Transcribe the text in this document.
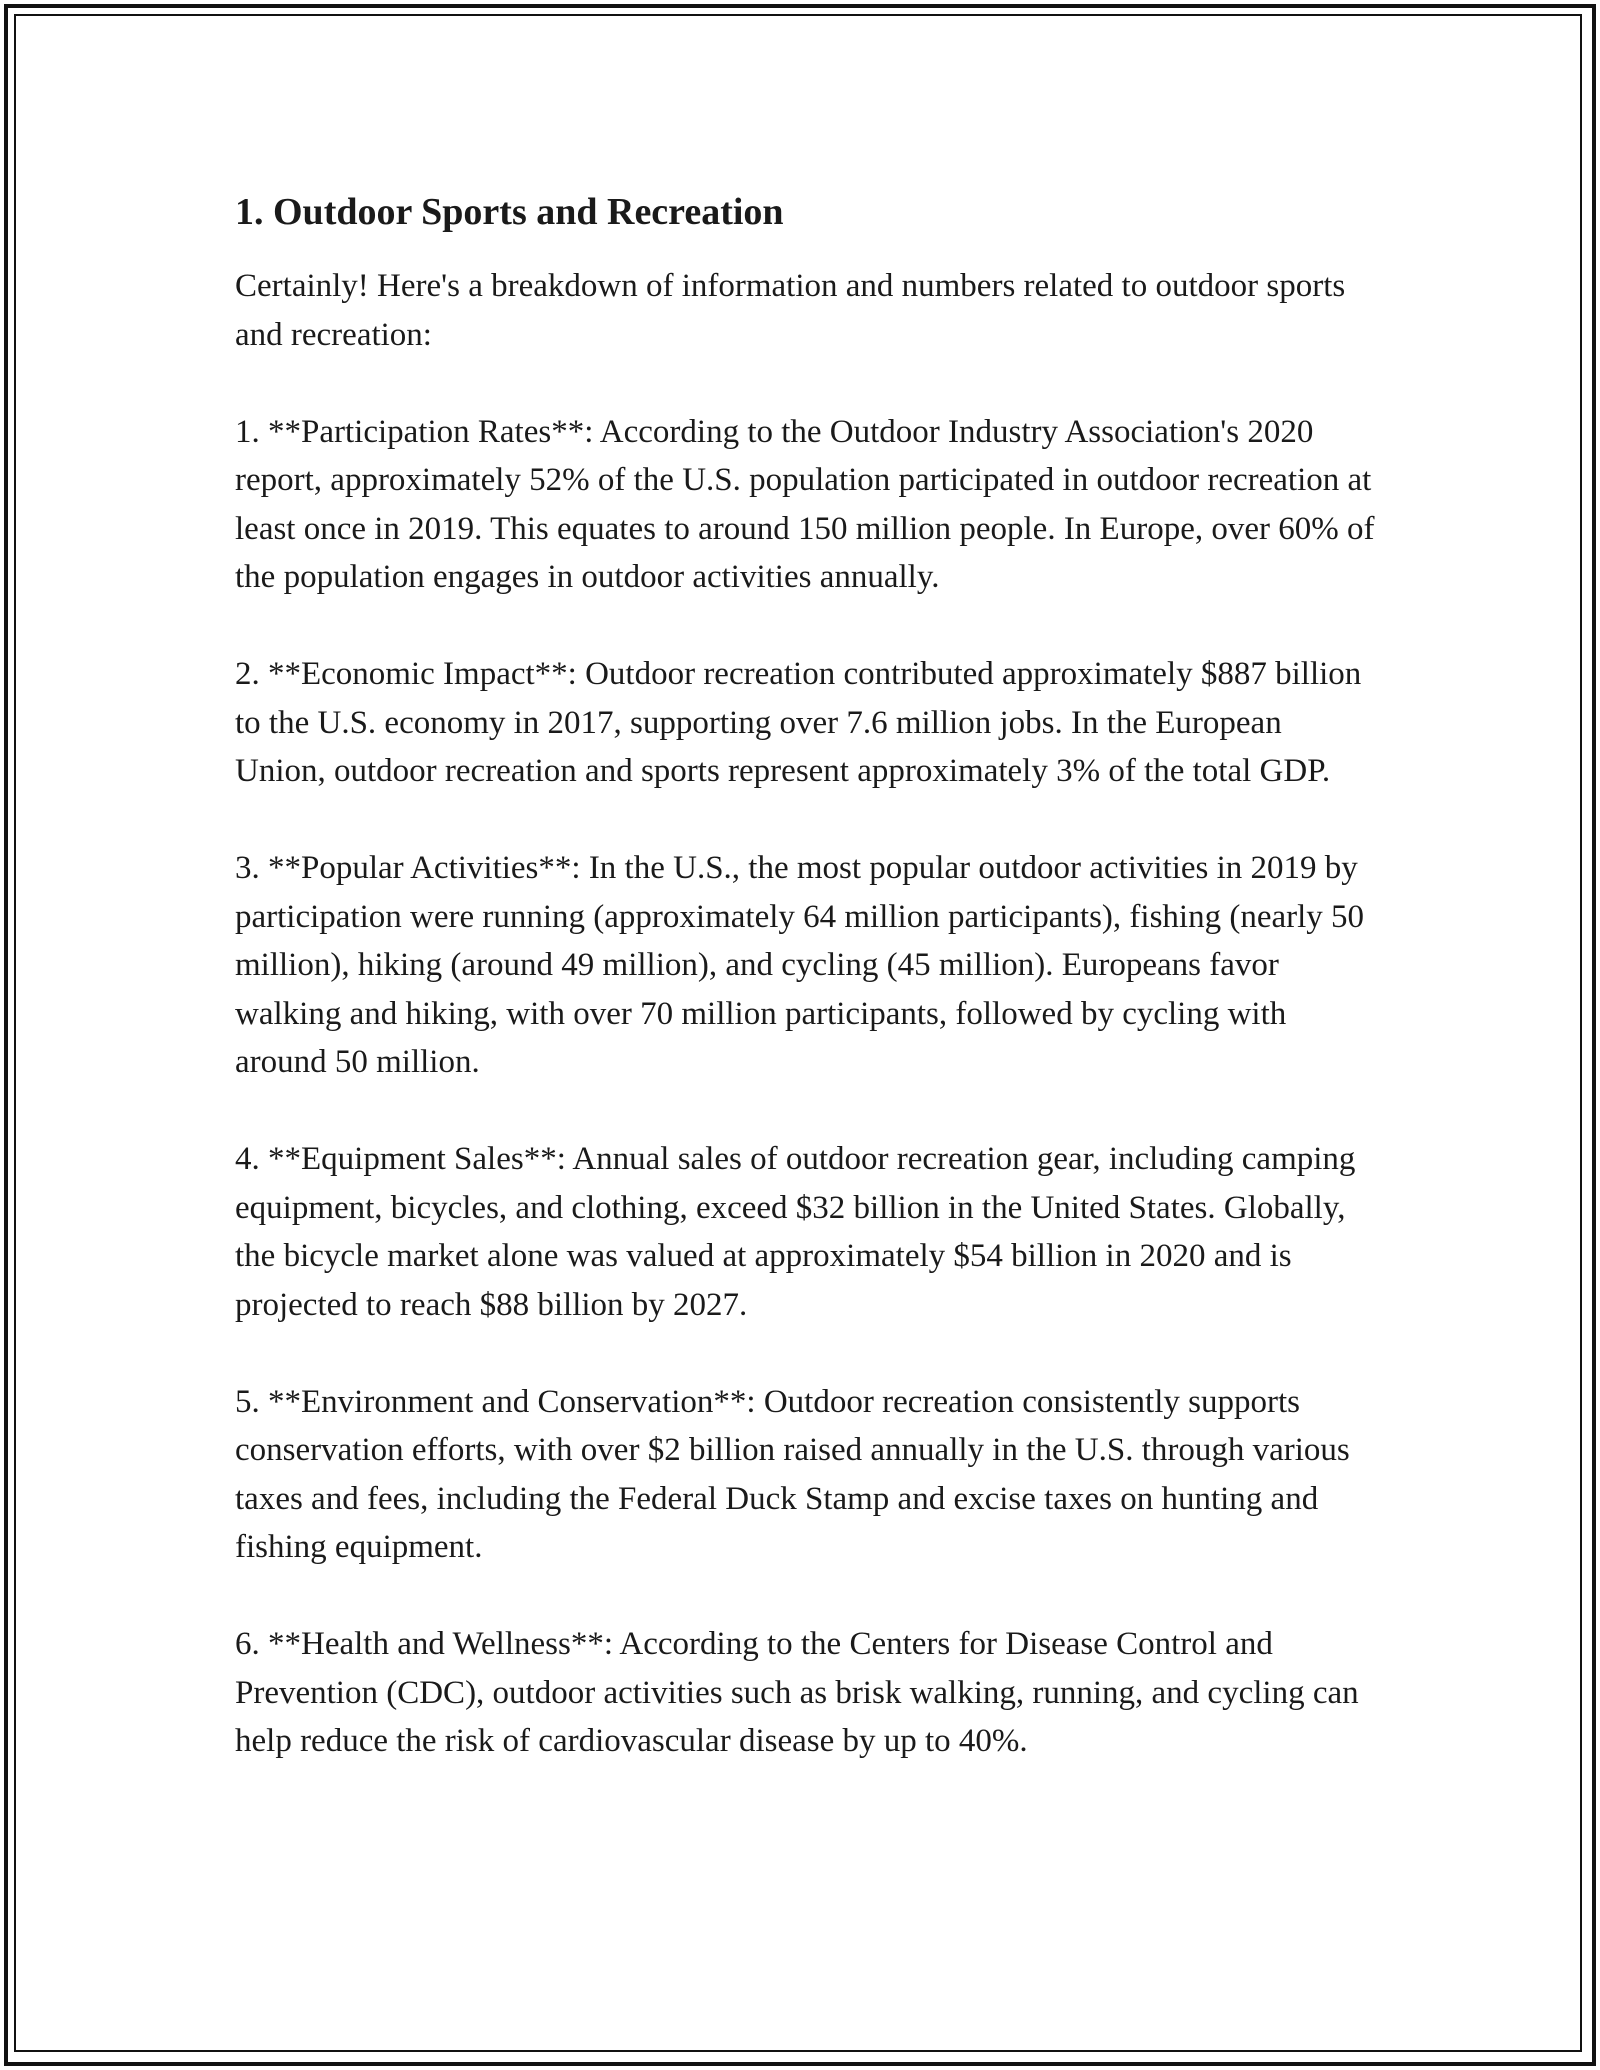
1. Outdoor Sports and Recreation

Certainly! Here's a breakdown of information and numbers related to outdoor sports and recreation:

1. **Participation Rates**: According to the Outdoor Industry Association's 2020 report, approximately 52% of the U.S. population participated in outdoor recreation at least once in 2019. This equates to around 150 million people. In Europe, over 60% of the population engages in outdoor activities annually.

2. **Economic Impact**: Outdoor recreation contributed approximately $887 billion to the U.S. economy in 2017, supporting over 7.6 million jobs. In the European Union, outdoor recreation and sports represent approximately 3% of the total GDP.

3. **Popular Activities**: In the U.S., the most popular outdoor activities in 2019 by participation were running (approximately 64 million participants), fishing (nearly 50 million), hiking (around 49 million), and cycling (45 million). Europeans favor walking and hiking, with over 70 million participants, followed by cycling with around 50 million.

4. **Equipment Sales**: Annual sales of outdoor recreation gear, including camping equipment, bicycles, and clothing, exceed $32 billion in the United States. Globally, the bicycle market alone was valued at approximately $54 billion in 2020 and is projected to reach $88 billion by 2027.

5. **Environment and Conservation**: Outdoor recreation consistently supports conservation efforts, with over $2 billion raised annually in the U.S. through various taxes and fees, including the Federal Duck Stamp and excise taxes on hunting and fishing equipment.

6. **Health and Wellness**: According to the Centers for Disease Control and Prevention (CDC), outdoor activities such as brisk walking, running, and cycling can help reduce the risk of cardiovascular disease by up to 40%.
